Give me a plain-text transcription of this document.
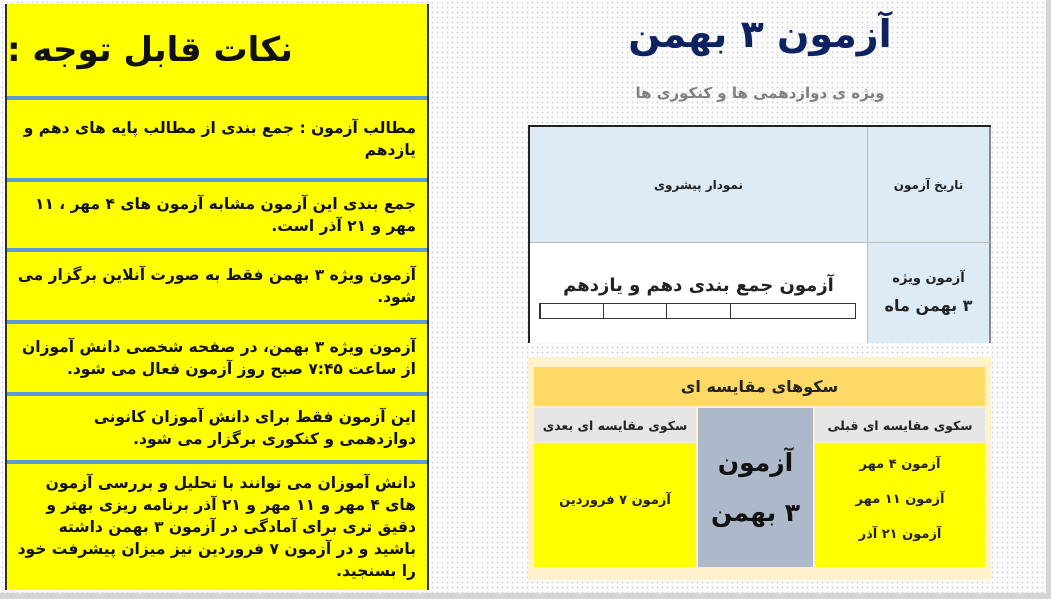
نکات قابل توجه :
مطالب آزمون : جمع بندی از مطالب پایه های دهم و یازدهم
جمع بندی این آزمون مشابه آزمون های ۴ مهر ، ۱۱ مهر و ۲۱ آذر است.
آزمون ویژه ۳ بهمن فقط به صورت آنلاین برگزار می شود.
آزمون ویژه ۳ بهمن، در صفحه شخصی دانش آموزان از ساعت ۷:۴۵ صبح روز آزمون فعال می شود.
این آزمون فقط برای دانش آموزان کانونی دوازدهمی و کنکوری برگزار می شود.
دانش آموزان می توانند با تحلیل و بررسی آزمون های ۴ مهر و ۱۱ مهر و ۲۱ آذر برنامه ریزی بهتر و دقیق تری برای آمادگی در آزمون ۳ بهمن داشته باشید و در آزمون ۷ فروردین نیز میزان پیشرفت خود را بسنجید.
آزمون ۳ بهمن
ویژه ی دوازدهمی ها و کنکوری ها
تاریخ آزمون
نمودار پیشروی
آزمون ویژه
۳ بهمن ماه
آزمون جمع بندی دهم و یازدهم
سکوهای مقایسه ای
سکوی مقایسه ای قبلی
سکوی مقایسه ای بعدی
آزمون
۳ بهمن
آزمون ۴ مهر
آزمون ۱۱ مهر
آزمون ۲۱ آذر
آزمون ۷ فروردین
